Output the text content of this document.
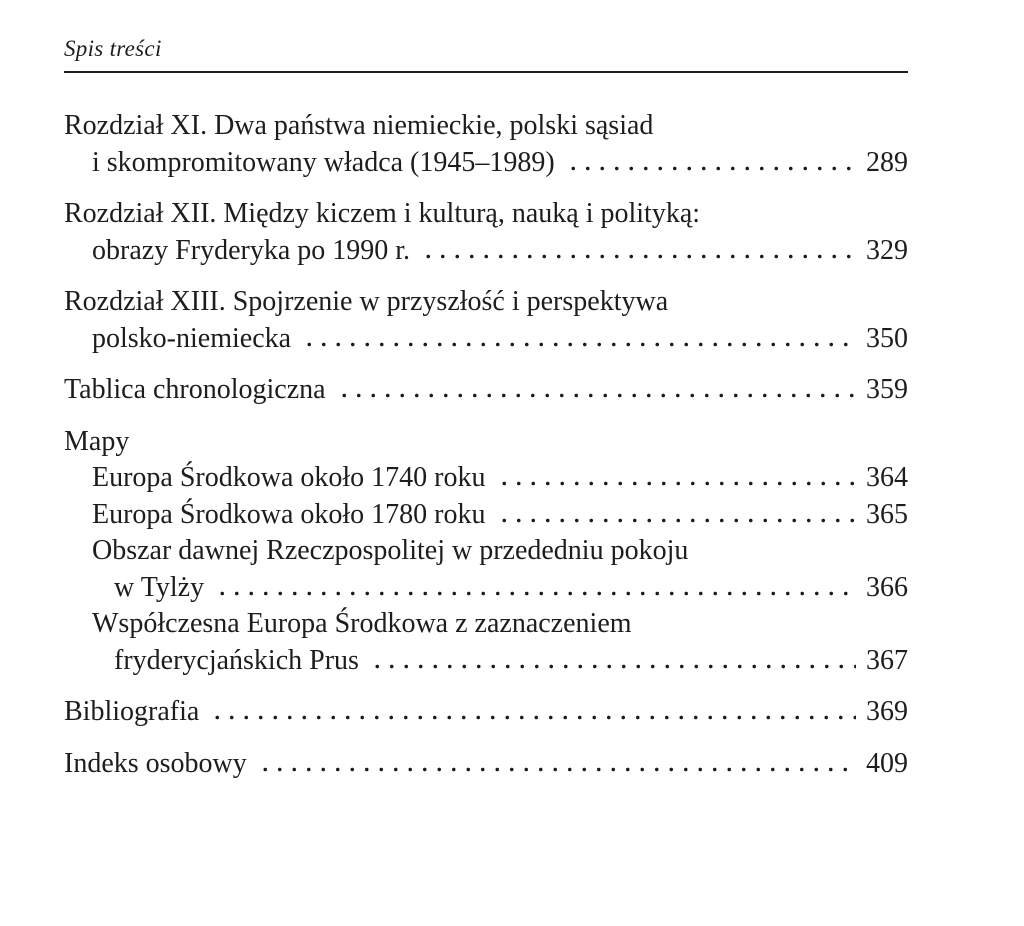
Spis treści
Rozdział XI. Dwa państwa niemieckie, polski sąsiad
i skompromitowany władca (1945–1989)	289
Rozdział XII. Między kiczem i kulturą, nauką i polityką:
obrazy Fryderyka po 1990 r.	329
Rozdział XIII. Spojrzenie w przyszłość i perspektywa
polsko-niemiecka	350
Tablica chronologiczna	359
Mapy
Europa Środkowa około 1740 roku	364
Europa Środkowa około 1780 roku	365
Obszar dawnej Rzeczpospolitej w przededniu pokoju
w Tylży	366
Współczesna Europa Środkowa z zaznaczeniem
fryderycjańskich Prus	367
Bibliografia	369
Indeks osobowy	409
